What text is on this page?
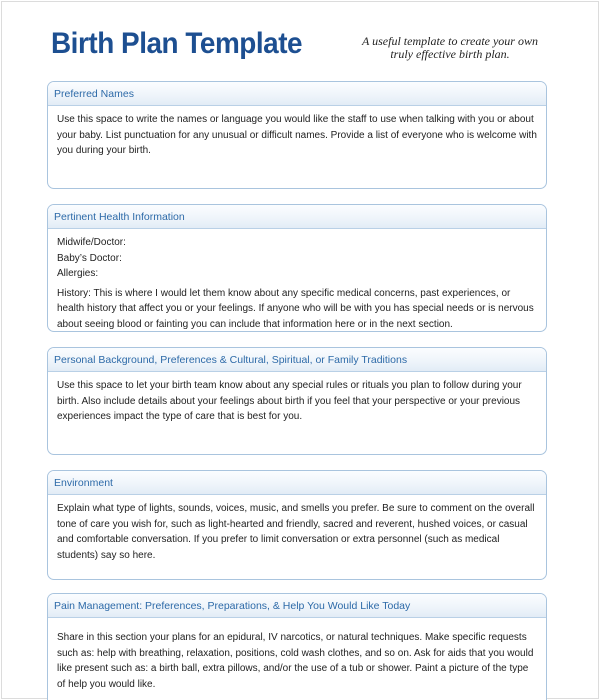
Birth Plan Template	A useful template to create your own
truly effective birth plan.
Preferred Names

Use this space to write the names or language you would like the staff to use when talking with you or about your baby. List punctuation for any unusual or difficult names. Provide a list of everyone who is welcome with you during your birth.

Pertinent Health Information

Midwife/Doctor:

Baby’s Doctor:

Allergies:

History: This is where I would let them know about any specific medical concerns, past experiences, or health history that affect you or your feelings. If anyone who will be with you has special needs or is nervous about seeing blood or fainting you can include that information here or in the next section.

Personal Background, Preferences & Cultural, Spiritual, or Family Traditions

Use this space to let your birth team know about any special rules or rituals you plan to follow during your birth. Also include details about your feelings about birth if you feel that your perspective or your previous experiences impact the type of care that is best for you.

Environment

Explain what type of lights, sounds, voices, music, and smells you prefer. Be sure to comment on the overall tone of care you wish for, such as light-hearted and friendly, sacred and reverent, hushed voices, or casual and comfortable conversation. If you prefer to limit conversation or extra personnel (such as medical students) say so here.

Pain Management: Preferences, Preparations, & Help You Would Like Today

Share in this section your plans for an epidural, IV narcotics, or natural techniques. Make specific requests such as: help with breathing, relaxation, positions, cold wash clothes, and so on. Ask for aids that you would like present such as: a birth ball, extra pillows, and/or the use of a tub or shower. Paint a picture of the type of help you would like.
